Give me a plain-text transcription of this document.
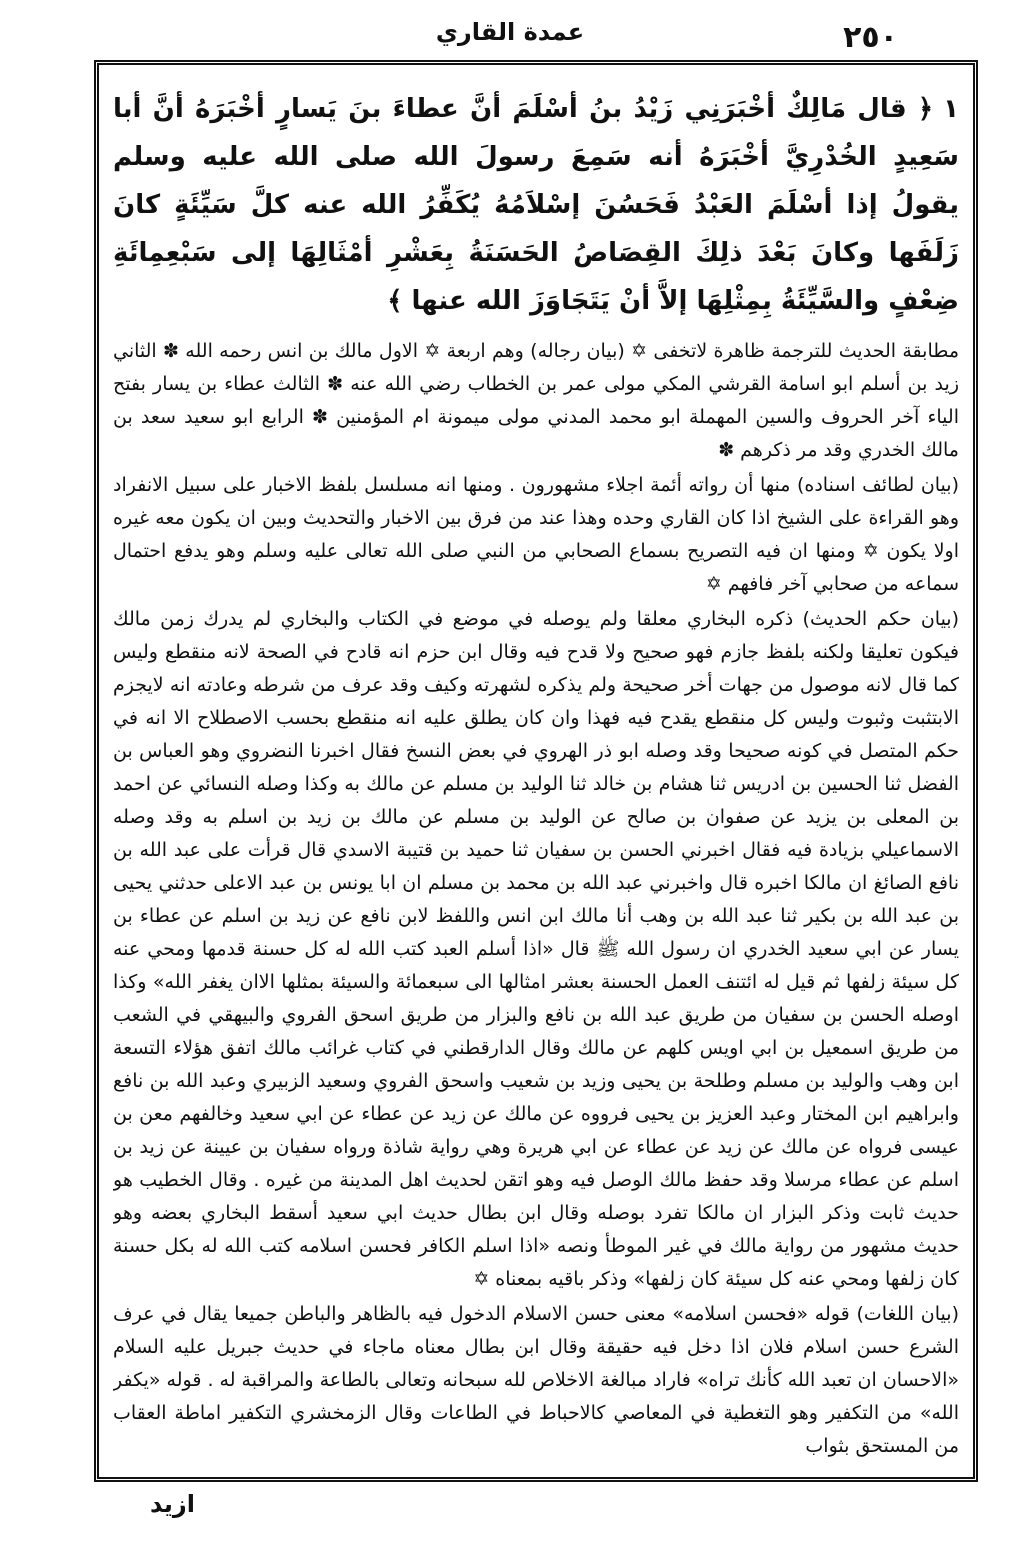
عمدة القاري	٢٥٠

١﴿ قال مَالِكٌ أخْبَرَنِي زَيْدُ بنُ أسْلَمَ أنَّ عطاءَ بنَ يَسارٍ أخْبَرَهُ أنَّ أبا سَعِيدٍ الخُدْرِيَّ أخْبَرَهُ أنه سَمِعَ رسولَ الله صلى الله عليه وسلم يقولُ إذا أسْلَمَ العَبْدُ فَحَسُنَ إسْلاَمُهُ يُكَفِّرُ الله عنه كلَّ سَيِّئَةٍ كانَ زَلَفَها وكانَ بَعْدَ ذلِكَ القِصَاصُ الحَسَنَةُ بِعَشْرِ أمْثَالِهَا إلى سَبْعِمِائَةِ ضِعْفٍ والسَّيِّئَةُ بِمِثْلِهَا إلاَّ أنْ يَتَجَاوَزَ الله عنها ﴾

مطابقة الحديث للترجمة ظاهرة لاتخفى ✡ (بيان رجاله) وهم اربعة ✡ الاول مالك بن انس رحمه الله ✽ الثاني زيد بن أسلم ابو اسامة القرشي المكي مولى عمر بن الخطاب رضي الله عنه ✽ الثالث عطاء بن يسار بفتح الياء آخر الحروف والسين المهملة ابو محمد المدني مولى ميمونة ام المؤمنين ✽ الرابع ابو سعيد سعد بن مالك الخدري وقد مر ذكرهم ✽

(بيان لطائف اسناده) منها أن رواته أئمة اجلاء مشهورون . ومنها انه مسلسل بلفظ الاخبار على سبيل الانفراد وهو القراءة على الشيخ اذا كان القاري وحده وهذا عند من فرق بين الاخبار والتحديث وبين ان يكون معه غيره اولا يكون ✡ ومنها ان فيه التصريح بسماع الصحابي من النبي صلى الله تعالى عليه وسلم وهو يدفع احتمال سماعه من صحابي آخر فافهم ✡

(بيان حكم الحديث) ذكره البخاري معلقا ولم يوصله في موضع في الكتاب والبخاري لم يدرك زمن مالك فيكون تعليقا ولكنه بلفظ جازم فهو صحيح ولا قدح فيه وقال ابن حزم انه قادح في الصحة لانه منقطع وليس كما قال لانه موصول من جهات أخر صحيحة ولم يذكره لشهرته وكيف وقد عرف من شرطه وعادته انه لايجزم الابتثبت وثبوت وليس كل منقطع يقدح فيه فهذا وان كان يطلق عليه انه منقطع بحسب الاصطلاح الا انه في حكم المتصل في كونه صحيحا وقد وصله ابو ذر الهروي في بعض النسخ فقال اخبرنا النضروي وهو العباس بن الفضل ثنا الحسين بن ادريس ثنا هشام بن خالد ثنا الوليد بن مسلم عن مالك به وكذا وصله النسائي عن احمد بن المعلى بن يزيد عن صفوان بن صالح عن الوليد بن مسلم عن مالك بن زيد بن اسلم به وقد وصله الاسماعيلي بزيادة فيه فقال اخبرني الحسن بن سفيان ثنا حميد بن قتيبة الاسدي قال قرأت على عبد الله بن نافع الصائغ ان مالكا اخبره قال واخبرني عبد الله بن محمد بن مسلم ان ابا يونس بن عبد الاعلى حدثني يحيى بن عبد الله بن بكير ثنا عبد الله بن وهب أنا مالك ابن انس واللفظ لابن نافع عن زيد بن اسلم عن عطاء بن يسار عن ابي سعيد الخدري ان رسول الله ﷺ قال «اذا أسلم العبد كتب الله له كل حسنة قدمها ومحي عنه كل سيئة زلفها ثم قيل له ائتنف العمل الحسنة بعشر امثالها الى سبعمائة والسيئة بمثلها الاان يغفر الله» وكذا اوصله الحسن بن سفيان من طريق عبد الله بن نافع والبزار من طريق اسحق الفروي والبيهقي في الشعب من طريق اسمعيل بن ابي اويس كلهم عن مالك وقال الدارقطني في كتاب غرائب مالك اتفق هؤلاء التسعة ابن وهب والوليد بن مسلم وطلحة بن يحيى وزيد بن شعيب واسحق الفروي وسعيد الزبيري وعبد الله بن نافع وابراهيم ابن المختار وعبد العزيز بن يحيى فرووه عن مالك عن زيد عن عطاء عن ابي سعيد وخالفهم معن بن عيسى فرواه عن مالك عن زيد عن عطاء عن ابي هريرة وهي رواية شاذة ورواه سفيان بن عيينة عن زيد بن اسلم عن عطاء مرسلا وقد حفظ مالك الوصل فيه وهو اتقن لحديث اهل المدينة من غيره . وقال الخطيب هو حديث ثابت وذكر البزار ان مالكا تفرد بوصله وقال ابن بطال حديث ابي سعيد أسقط البخاري بعضه وهو حديث مشهور من رواية مالك في غير الموطأ ونصه «اذا اسلم الكافر فحسن اسلامه كتب الله له بكل حسنة كان زلفها ومحي عنه كل سيئة كان زلفها» وذكر باقيه بمعناه ✡

(بيان اللغات) قوله «فحسن اسلامه» معنى حسن الاسلام الدخول فيه بالظاهر والباطن جميعا يقال في عرف الشرع حسن اسلام فلان اذا دخل فيه حقيقة وقال ابن بطال معناه ماجاء في حديث جبريل عليه السلام «الاحسان ان تعبد الله كأنك تراه» فاراد مبالغة الاخلاص لله سبحانه وتعالى بالطاعة والمراقبة له . قوله «يكفر الله» من التكفير وهو التغطية في المعاصي كالاحباط في الطاعات وقال الزمخشري التكفير اماطة العقاب من المستحق بثواب

ازيد
